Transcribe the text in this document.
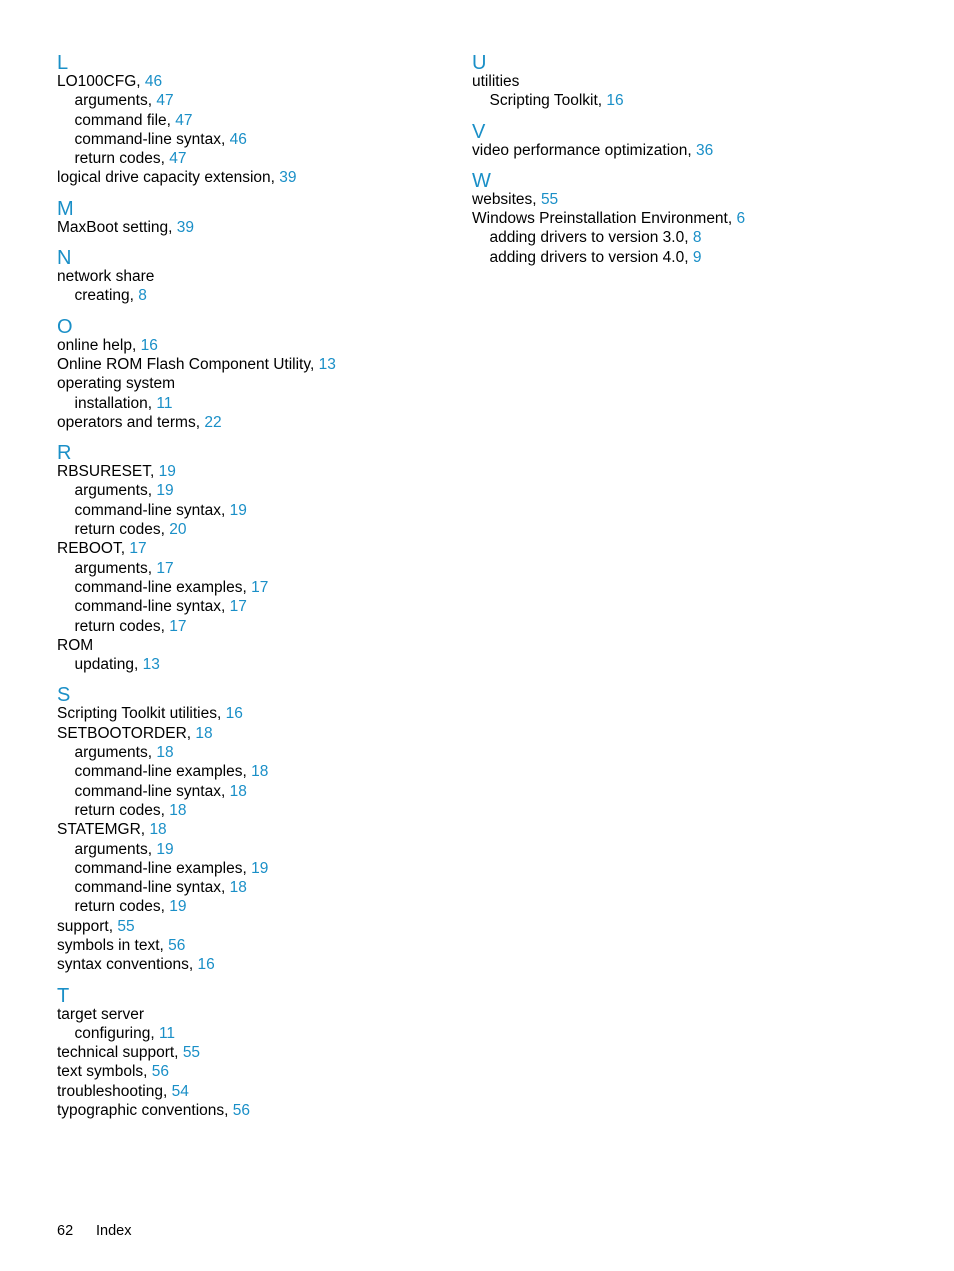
L
LO100CFG, 46
arguments, 47
command file, 47
command-line syntax, 46
return codes, 47
logical drive capacity extension, 39
M
MaxBoot setting, 39
N
network share
creating, 8
O
online help, 16
Online ROM Flash Component Utility, 13
operating system
installation, 11
operators and terms, 22
R
RBSURESET, 19
arguments, 19
command-line syntax, 19
return codes, 20
REBOOT, 17
arguments, 17
command-line examples, 17
command-line syntax, 17
return codes, 17
ROM
updating, 13
S
Scripting Toolkit utilities, 16
SETBOOTORDER, 18
arguments, 18
command-line examples, 18
command-line syntax, 18
return codes, 18
STATEMGR, 18
arguments, 19
command-line examples, 19
command-line syntax, 18
return codes, 19
support, 55
symbols in text, 56
syntax conventions, 16
T
target server
configuring, 11
technical support, 55
text symbols, 56
troubleshooting, 54
typographic conventions, 56
U
utilities
Scripting Toolkit, 16
V
video performance optimization, 36
W
websites, 55
Windows Preinstallation Environment, 6
adding drivers to version 3.0, 8
adding drivers to version 4.0, 9
62 Index
